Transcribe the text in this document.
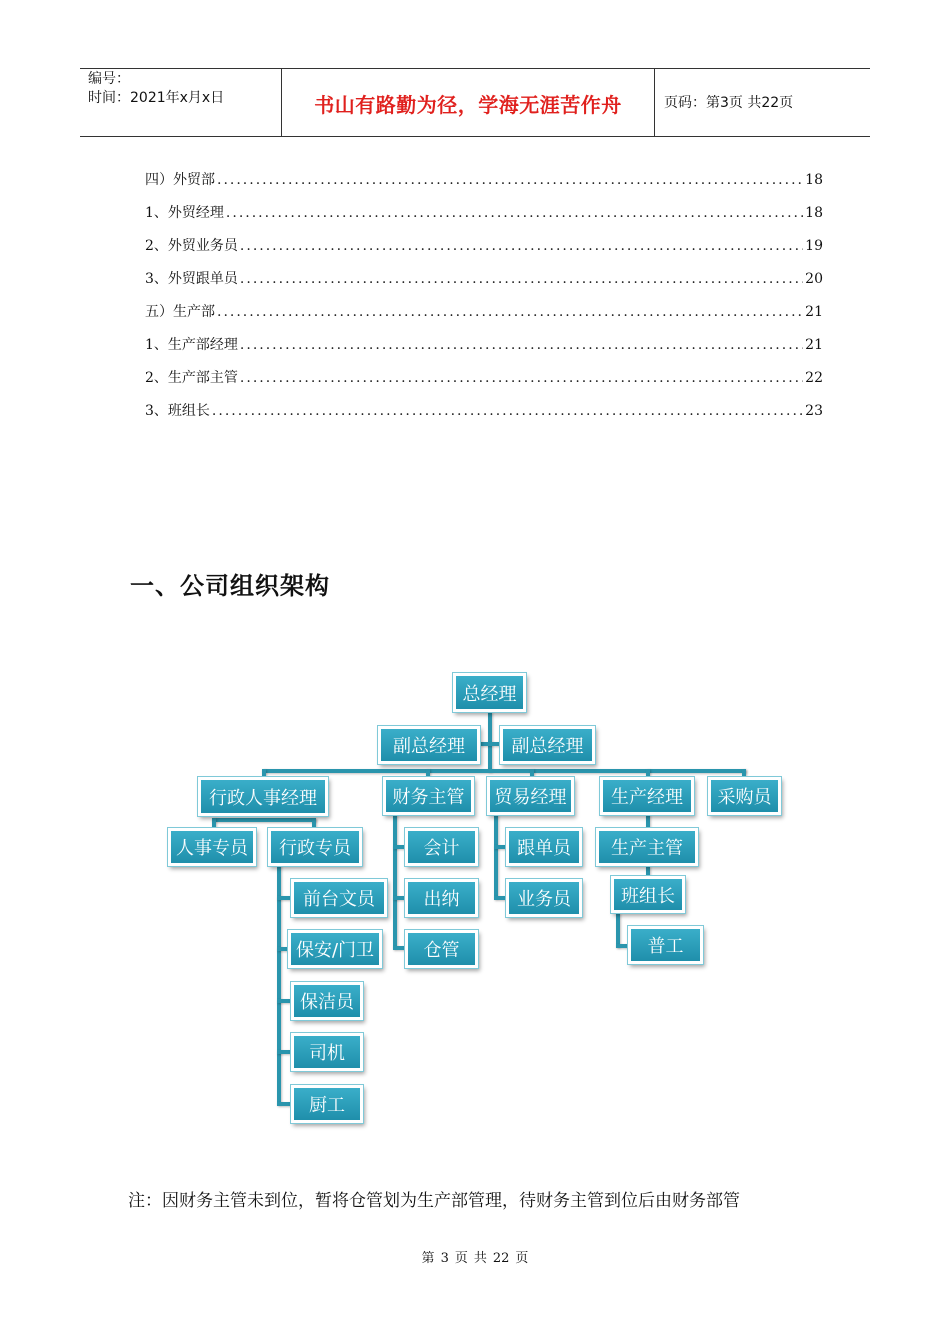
编号：
时间：2021年x月x日	书山有路勤为径，学海无涯苦作舟	页码：第3页 共22页
四）外贸部 .....	18
1、外贸经理 .....	18
2、外贸业务员 .....	19
3、外贸跟单员 .....	20
五）生产部 .....	21
1、生产部经理 .....	21
2、生产部主管 .....	22
3、班组长 .....	23
一、公司组织架构
总经理
副总经理	副总经理
行政人事经理	财务主管	贸易经理	生产经理	采购员
人事专员	行政专员
前台文员
保安/门卫
保洁员
司机
厨工
会计
出纳
仓管
跟单员
业务员
生产主管
班组长
普工
注：因财务主管未到位，暂将仓管划为生产部管理，待财务主管到位后由财务部管
第 3 页 共 22 页
